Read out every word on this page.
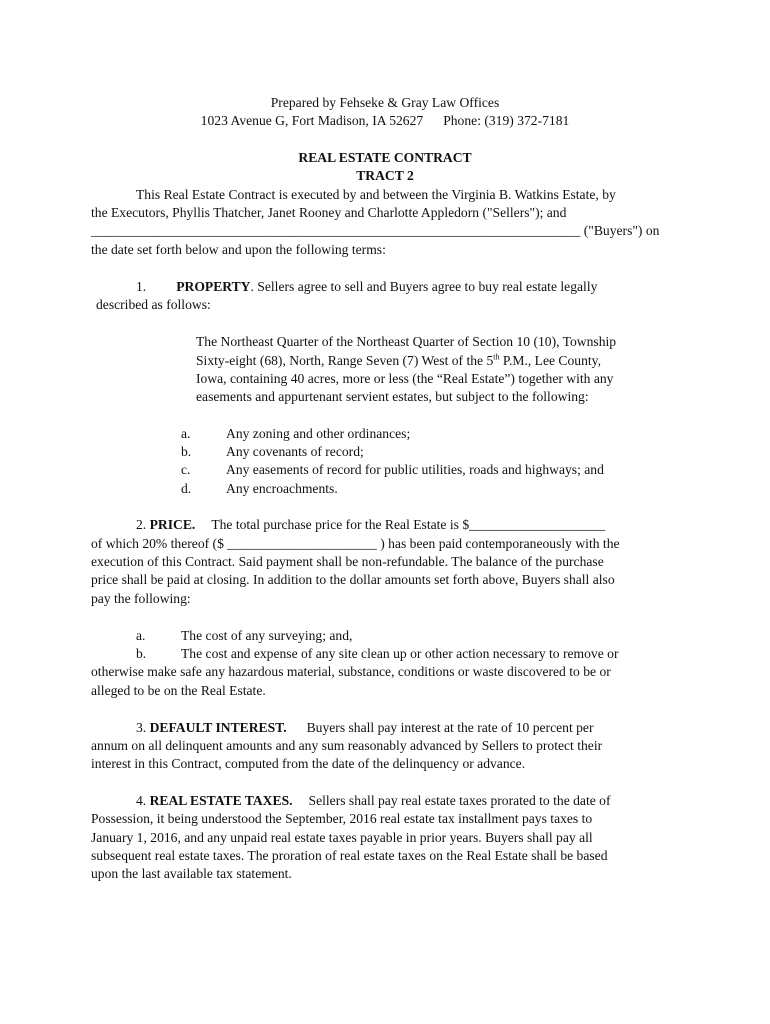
Prepared by Fehseke & Gray Law Offices
1023 Avenue G, Fort Madison, IA 52627 Phone: (319) 372-7181
REAL ESTATE CONTRACT
TRACT 2
This Real Estate Contract is executed by and between the Virginia B. Watkins Estate, by
the Executors, Phyllis Thatcher, Janet Rooney and Charlotte Appledorn ("Sellers"); and
________________________________________________________________________ ("Buyers") on
the date set forth below and upon the following terms:
1. PROPERTY. Sellers agree to sell and Buyers agree to buy real estate legally
described as follows:
The Northeast Quarter of the Northeast Quarter of Section 10 (10), Township
Sixty-eight (68), North, Range Seven (7) West of the 5th P.M., Lee County,
Iowa, containing 40 acres, more or less (the “Real Estate”) together with any
easements and appurtenant servient estates, but subject to the following:
a.	Any zoning and other ordinances;
b.	Any covenants of record;
c.	Any easements of record for public utilities, roads and highways; and
d.	Any encroachments.
2. PRICE. The total purchase price for the Real Estate is $____________________
of which 20% thereof ($ ______________________ ) has been paid contemporaneously with the
execution of this Contract. Said payment shall be non-refundable. The balance of the purchase
price shall be paid at closing. In addition to the dollar amounts set forth above, Buyers shall also
pay the following:
a.	The cost of any surveying; and,
b.	The cost and expense of any site clean up or other action necessary to remove or
otherwise make safe any hazardous material, substance, conditions or waste discovered to be or
alleged to be on the Real Estate.
3. DEFAULT INTEREST. Buyers shall pay interest at the rate of 10 percent per
annum on all delinquent amounts and any sum reasonably advanced by Sellers to protect their
interest in this Contract, computed from the date of the delinquency or advance.
4. REAL ESTATE TAXES. Sellers shall pay real estate taxes prorated to the date of
Possession, it being understood the September, 2016 real estate tax installment pays taxes to
January 1, 2016, and any unpaid real estate taxes payable in prior years. Buyers shall pay all
subsequent real estate taxes. The proration of real estate taxes on the Real Estate shall be based
upon the last available tax statement.
